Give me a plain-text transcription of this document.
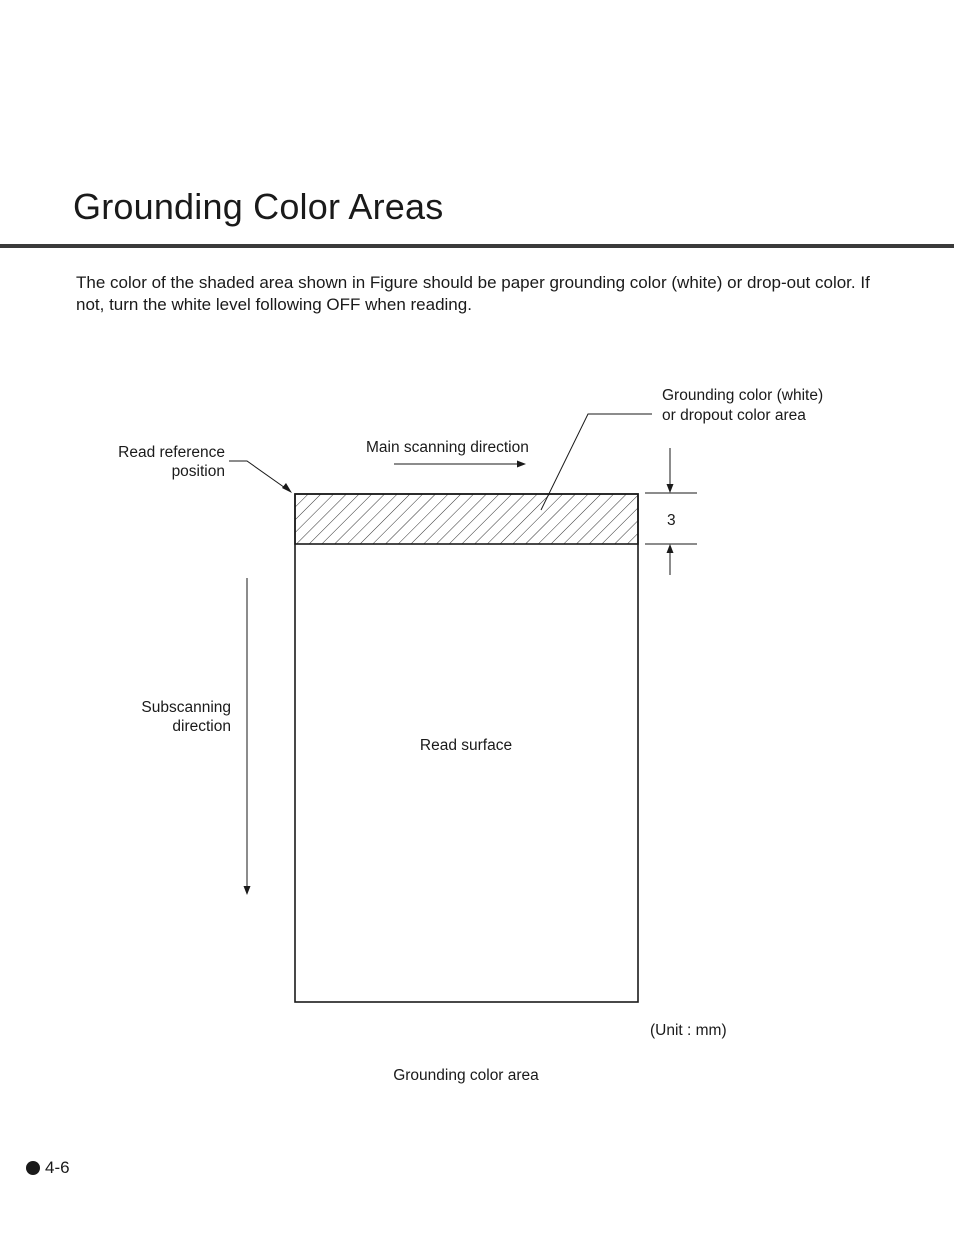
Grounding Color Areas

The color of the shaded area shown in Figure should be paper grounding color (white) or drop-out color. If not, turn the white level following OFF when reading.

Grounding color (white)
or dropout color area
Read reference
position
Main scanning direction
3
Subscanning
direction
Read surface
(Unit : mm)
Grounding color area
4-6
